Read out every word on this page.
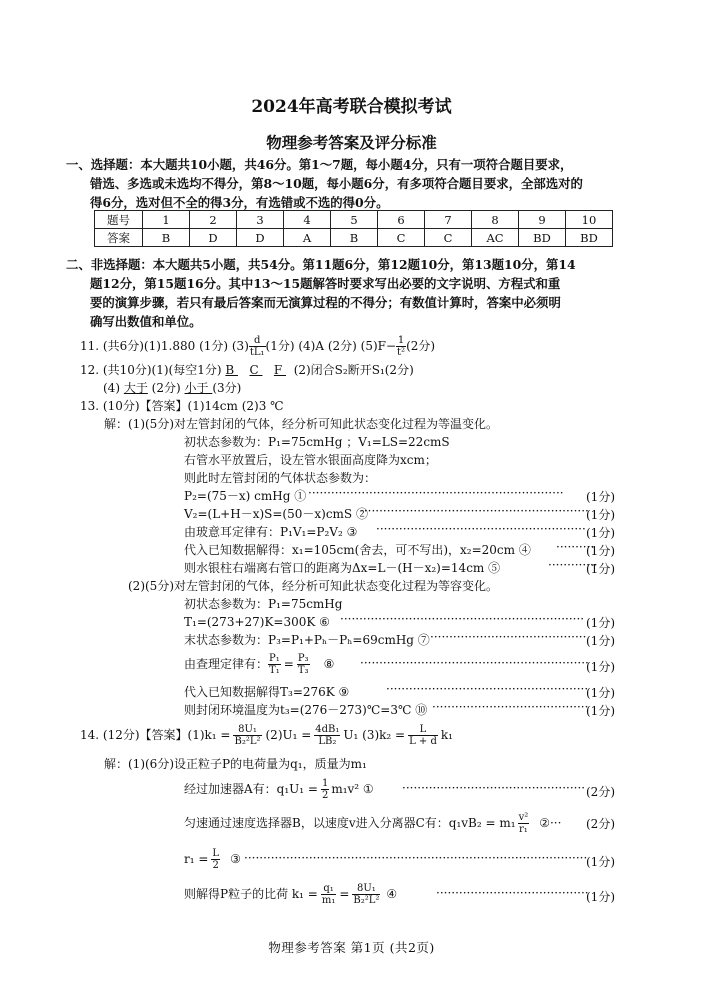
2024年高考联合模拟考试
物理参考答案及评分标准
一、选择题：本大题共10小题，共46分。第1～7题，每小题4分，只有一项符合题目要求，
错选、多选或未选均不得分，第8～10题，每小题6分，有多项符合题目要求，全部选对的
得6分，选对但不全的得3分，有选错或不选的得0分。
题号	1	2	3	4	5	6	7	8	9	10
答案	B	D	D	A	B	C	C	AC	BD	BD
二、非选择题：本大题共5小题，共54分。第11题6分，第12题10分，第13题10分，第14
题12分，第15题16分。其中13～15题解答时要求写出必要的文字说明、方程式和重
要的演算步骤，若只有最后答案而无演算过程的不得分；有数值计算时，答案中必须明
确写出数值和单位。
11. (共6分)(1)1.880 (1分) $(3) \frac{d}{\text{tL₁}} (1$分) (4)A (2分) $(5)F- \frac{1}{\text{t²}} (2$分)
12. (共10分)(1)(每空1分) B    C    F   (2)闭合S₂断开S₁(2分)
(4) 大于 (2分) 小于 (3分)
13. (10分)【答案】(1)14cm (2)3 ℃
解：(1)(5分)对左管封闭的气体，经分析可知此状态变化过程为等温变化。
初状态参数为：P₁=75cmHg ；V₁=LS=22cmS
右管水平放置后，设左管水银面高度降为xcm；
则此时左管封闭的气体状态参数为：
P₂=(75－x) cmHg ① ··································································· (1分)
V₂=(L+H－x)S=(50－x)cmS ②
····························································
(1分)
由玻意耳定律有：P₁V₁=P₂V₂ ③ ······················································· (1分)
代入已知数据解得：x₁=105cm(舍去，可不写出)，x₂=20cm ④ ··········
(1分)
则水银柱右端离右管口的距离为Δx=L－(H－x₂)=14cm ⑤	·············
(1分)
(2)(5分)对左管封闭的气体，经分析可知此状态变化过程为等容变化。
初状态参数为：P₁=75cmHg
T₁=(273+27)K=300K ⑥ ································································ (1分)
末状态参数为：P₃=P₁+Pₕ－Pₕ=69cmHg ⑦ ········································· (1分)
由查理定律有： $\frac{\text{P₁}}{\text{T₁}} = \frac{\text{P₃}}{\text{T₃}}$ ⑧ ····························································
(1分)
代入已知数据解得T₃=276K ⑨	·····················································
(1分)
则封闭环境温度为t₃=(276－273)℃=3℃ ⑩ ·········································
(1分)
14. (12分)【答案】$(1)k_1 = \frac{\text{8U₁}}{\text{B₂²L²}} (2)U_1 = \frac{\text{4dB₁}}{\text{LB₂}} U_1$ $(3)k_2 = \frac{L}{L + d} k_1$
解：(1)(6分)设正粒子P的电荷量为q₁，质量为m₁
经过加速器A有：$q_1U_1 = \frac{1}{2} m_1v^2$ ① ················································ (2分)
匀速通过速度选择器B，以速度v进入分离器C有：$q_1vB_2 = m_1 \frac{\text{v²}}{\text{r₁}}$ ②··· (2分)
$r_1 = \frac{L}{2}$ ③ ··························································································
(1分)
则解得P粒子的比荷 $k_1 = \frac{\text{q₁}}{\text{m₁}} = \frac{\text{8U₁}}{\text{B₂²L²}}$ ④	········································
(1分)
物理参考答案 第1页 (共2页)
